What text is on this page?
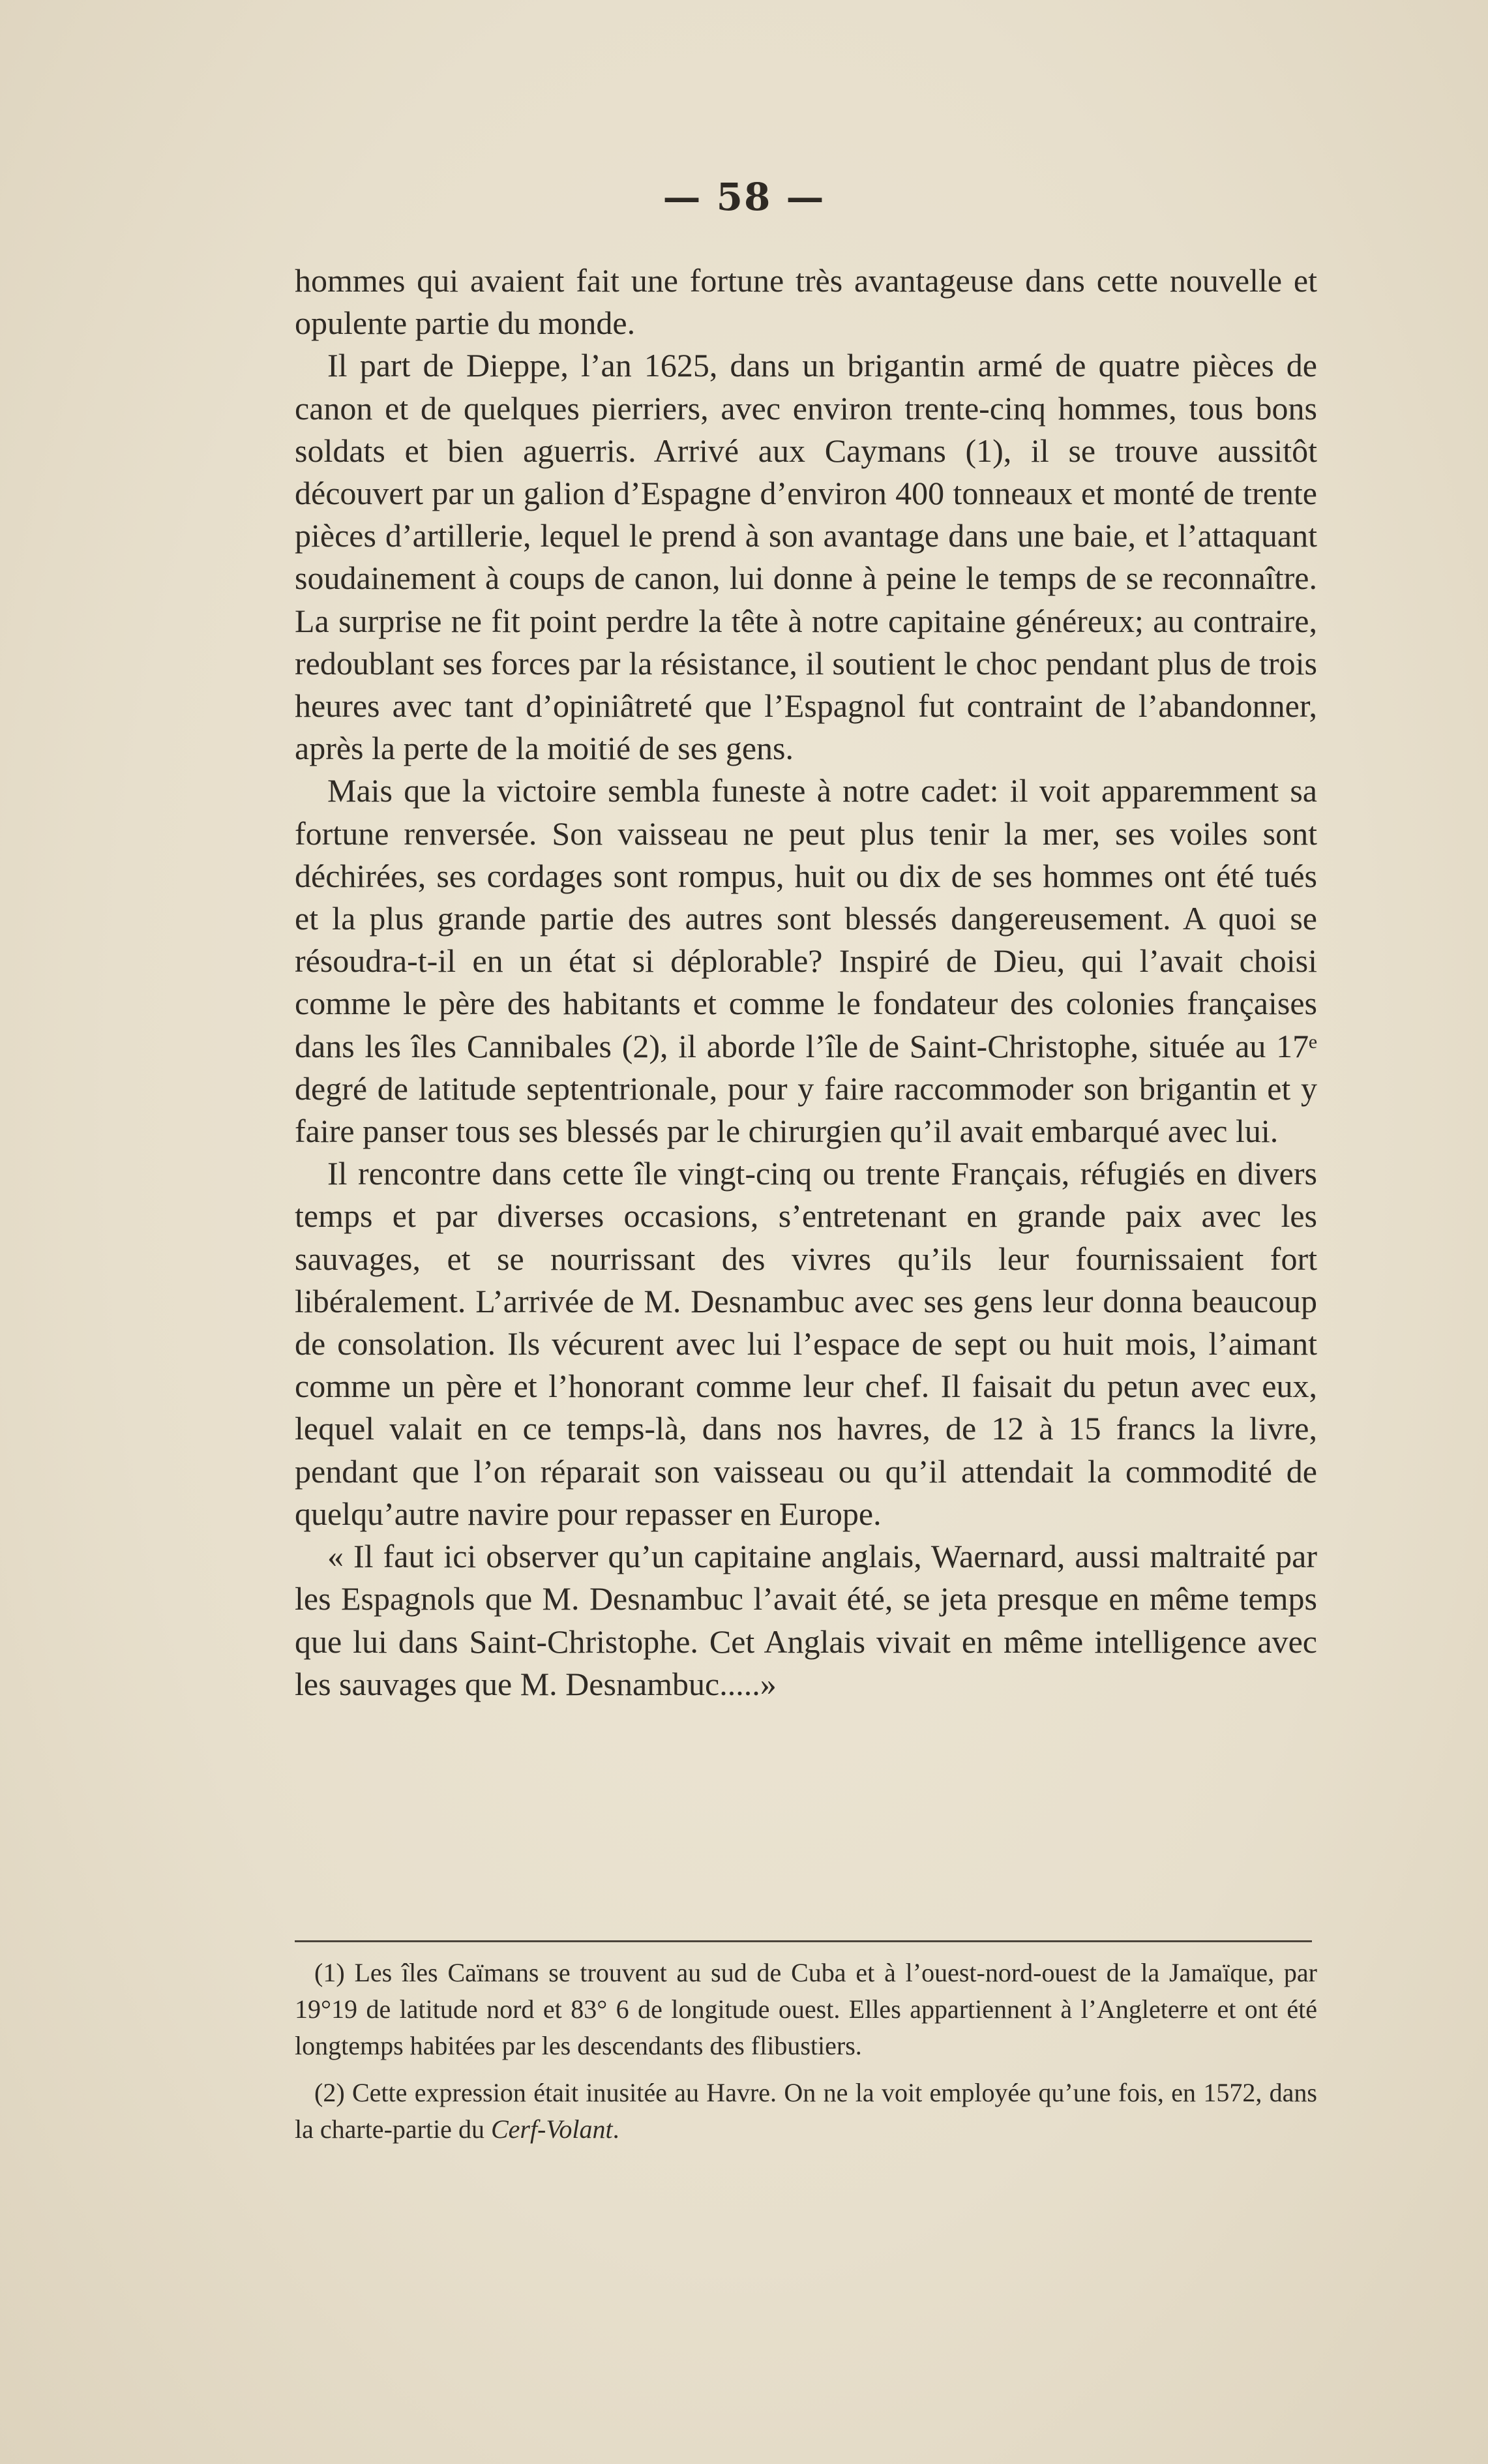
— 58 —

hommes qui avaient fait une fortune très avantageuse dans cette nouvelle et opulente partie du monde.

Il part de Dieppe, l’an 1625, dans un brigantin armé de quatre pièces de canon et de quelques pierriers, avec environ trente-cinq hommes, tous bons soldats et bien aguerris. Arrivé aux Caymans (1), il se trouve aussitôt découvert par un galion d’Espagne d’environ 400 tonneaux et monté de trente pièces d’artillerie, lequel le prend à son avantage dans une baie, et l’attaquant soudainement à coups de canon, lui donne à peine le temps de se reconnaître. La surprise ne fit point perdre la tête à notre capitaine généreux; au contraire, redoublant ses forces par la résistance, il soutient le choc pendant plus de trois heures avec tant d’opiniâtreté que l’Espagnol fut contraint de l’abandonner, après la perte de la moitié de ses gens.

Mais que la victoire sembla funeste à notre cadet: il voit apparemment sa fortune renversée. Son vaisseau ne peut plus tenir la mer, ses voiles sont déchirées, ses cordages sont rompus, huit ou dix de ses hommes ont été tués et la plus grande partie des autres sont blessés dangereusement. A quoi se résoudra-t-il en un état si déplorable? Inspiré de Dieu, qui l’avait choisi comme le père des habitants et comme le fondateur des colonies françaises dans les îles Cannibales (2), il aborde l’île de Saint-Christophe, située au 17ᵉ degré de latitude septentrionale, pour y faire raccommoder son brigantin et y faire panser tous ses blessés par le chirurgien qu’il avait embarqué avec lui.

Il rencontre dans cette île vingt-cinq ou trente Français, réfugiés en divers temps et par diverses occasions, s’entretenant en grande paix avec les sauvages, et se nourrissant des vivres qu’ils leur fournissaient fort libéralement. L’arrivée de M. Desnambuc avec ses gens leur donna beaucoup de consolation. Ils vécurent avec lui l’espace de sept ou huit mois, l’aimant comme un père et l’honorant comme leur chef. Il faisait du petun avec eux, lequel valait en ce temps-là, dans nos havres, de 12 à 15 francs la livre, pendant que l’on réparait son vaisseau ou qu’il attendait la commodité de quelqu’autre navire pour repasser en Europe.

« Il faut ici observer qu’un capitaine anglais, Waernard, aussi maltraité par les Espagnols que M. Desnambuc l’avait été, se jeta presque en même temps que lui dans Saint-Christophe. Cet Anglais vivait en même intelligence avec les sauvages que M. Desnambuc.....»

(1) Les îles Caïmans se trouvent au sud de Cuba et à l’ouest-nord-ouest de la Jamaïque, par 19°19 de latitude nord et 83° 6 de longitude ouest. Elles appartiennent à l’Angleterre et ont été longtemps habitées par les descendants des flibustiers.

(2) Cette expression était inusitée au Havre. On ne la voit employée qu’une fois, en 1572, dans la charte-partie du Cerf-Volant.
